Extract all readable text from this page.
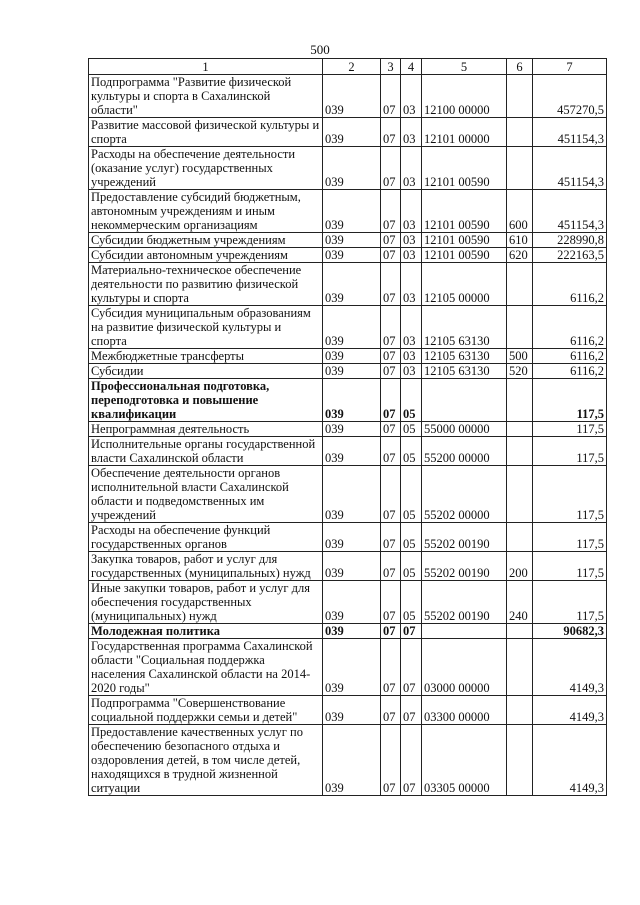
500
1	2	3	4	5	6	7
Подпрограмма "Развитие физической культуры и спорта в Сахалинской области"	039	07	03	12100 00000		457270,5
Развитие массовой физической культуры и спорта	039	07	03	12101 00000		451154,3
Расходы на обеспечение деятельности (оказание услуг) государственных учреждений	039	07	03	12101 00590		451154,3
Предоставление субсидий бюджетным, автономным учреждениям и иным некоммерческим организациям	039	07	03	12101 00590	600	451154,3
Субсидии бюджетным учреждениям	039	07	03	12101 00590	610	228990,8
Субсидии автономным учреждениям	039	07	03	12101 00590	620	222163,5
Материально-техническое обеспечение деятельности по развитию физической культуры и спорта	039	07	03	12105 00000		6116,2
Субсидия муниципальным образованиям на развитие физической культуры и спорта	039	07	03	12105 63130		6116,2
Межбюджетные трансферты	039	07	03	12105 63130	500	6116,2
Субсидии	039	07	03	12105 63130	520	6116,2
Профессиональная подготовка, переподготовка и повышение квалификации	039	07	05			117,5
Непрограммная деятельность	039	07	05	55000 00000		117,5
Исполнительные органы государственной власти Сахалинской области	039	07	05	55200 00000		117,5
Обеспечение деятельности органов исполнительной власти Сахалинской области и подведомственных им учреждений	039	07	05	55202 00000		117,5
Расходы на обеспечение функций государственных органов	039	07	05	55202 00190		117,5
Закупка товаров, работ и услуг для государственных (муниципальных) нужд	039	07	05	55202 00190	200	117,5
Иные закупки товаров, работ и услуг для обеспечения государственных (муниципальных) нужд	039	07	05	55202 00190	240	117,5
Молодежная политика	039	07	07			90682,3
Государственная программа Сахалинской области "Социальная поддержка населения Сахалинской области на 2014-2020 годы"	039	07	07	03000 00000		4149,3
Подпрограмма "Совершенствование социальной поддержки семьи и детей"	039	07	07	03300 00000		4149,3
Предоставление качественных услуг по обеспечению безопасного отдыха и оздоровления детей, в том числе детей, находящихся в трудной жизненной ситуации	039	07	07	03305 00000		4149,3
